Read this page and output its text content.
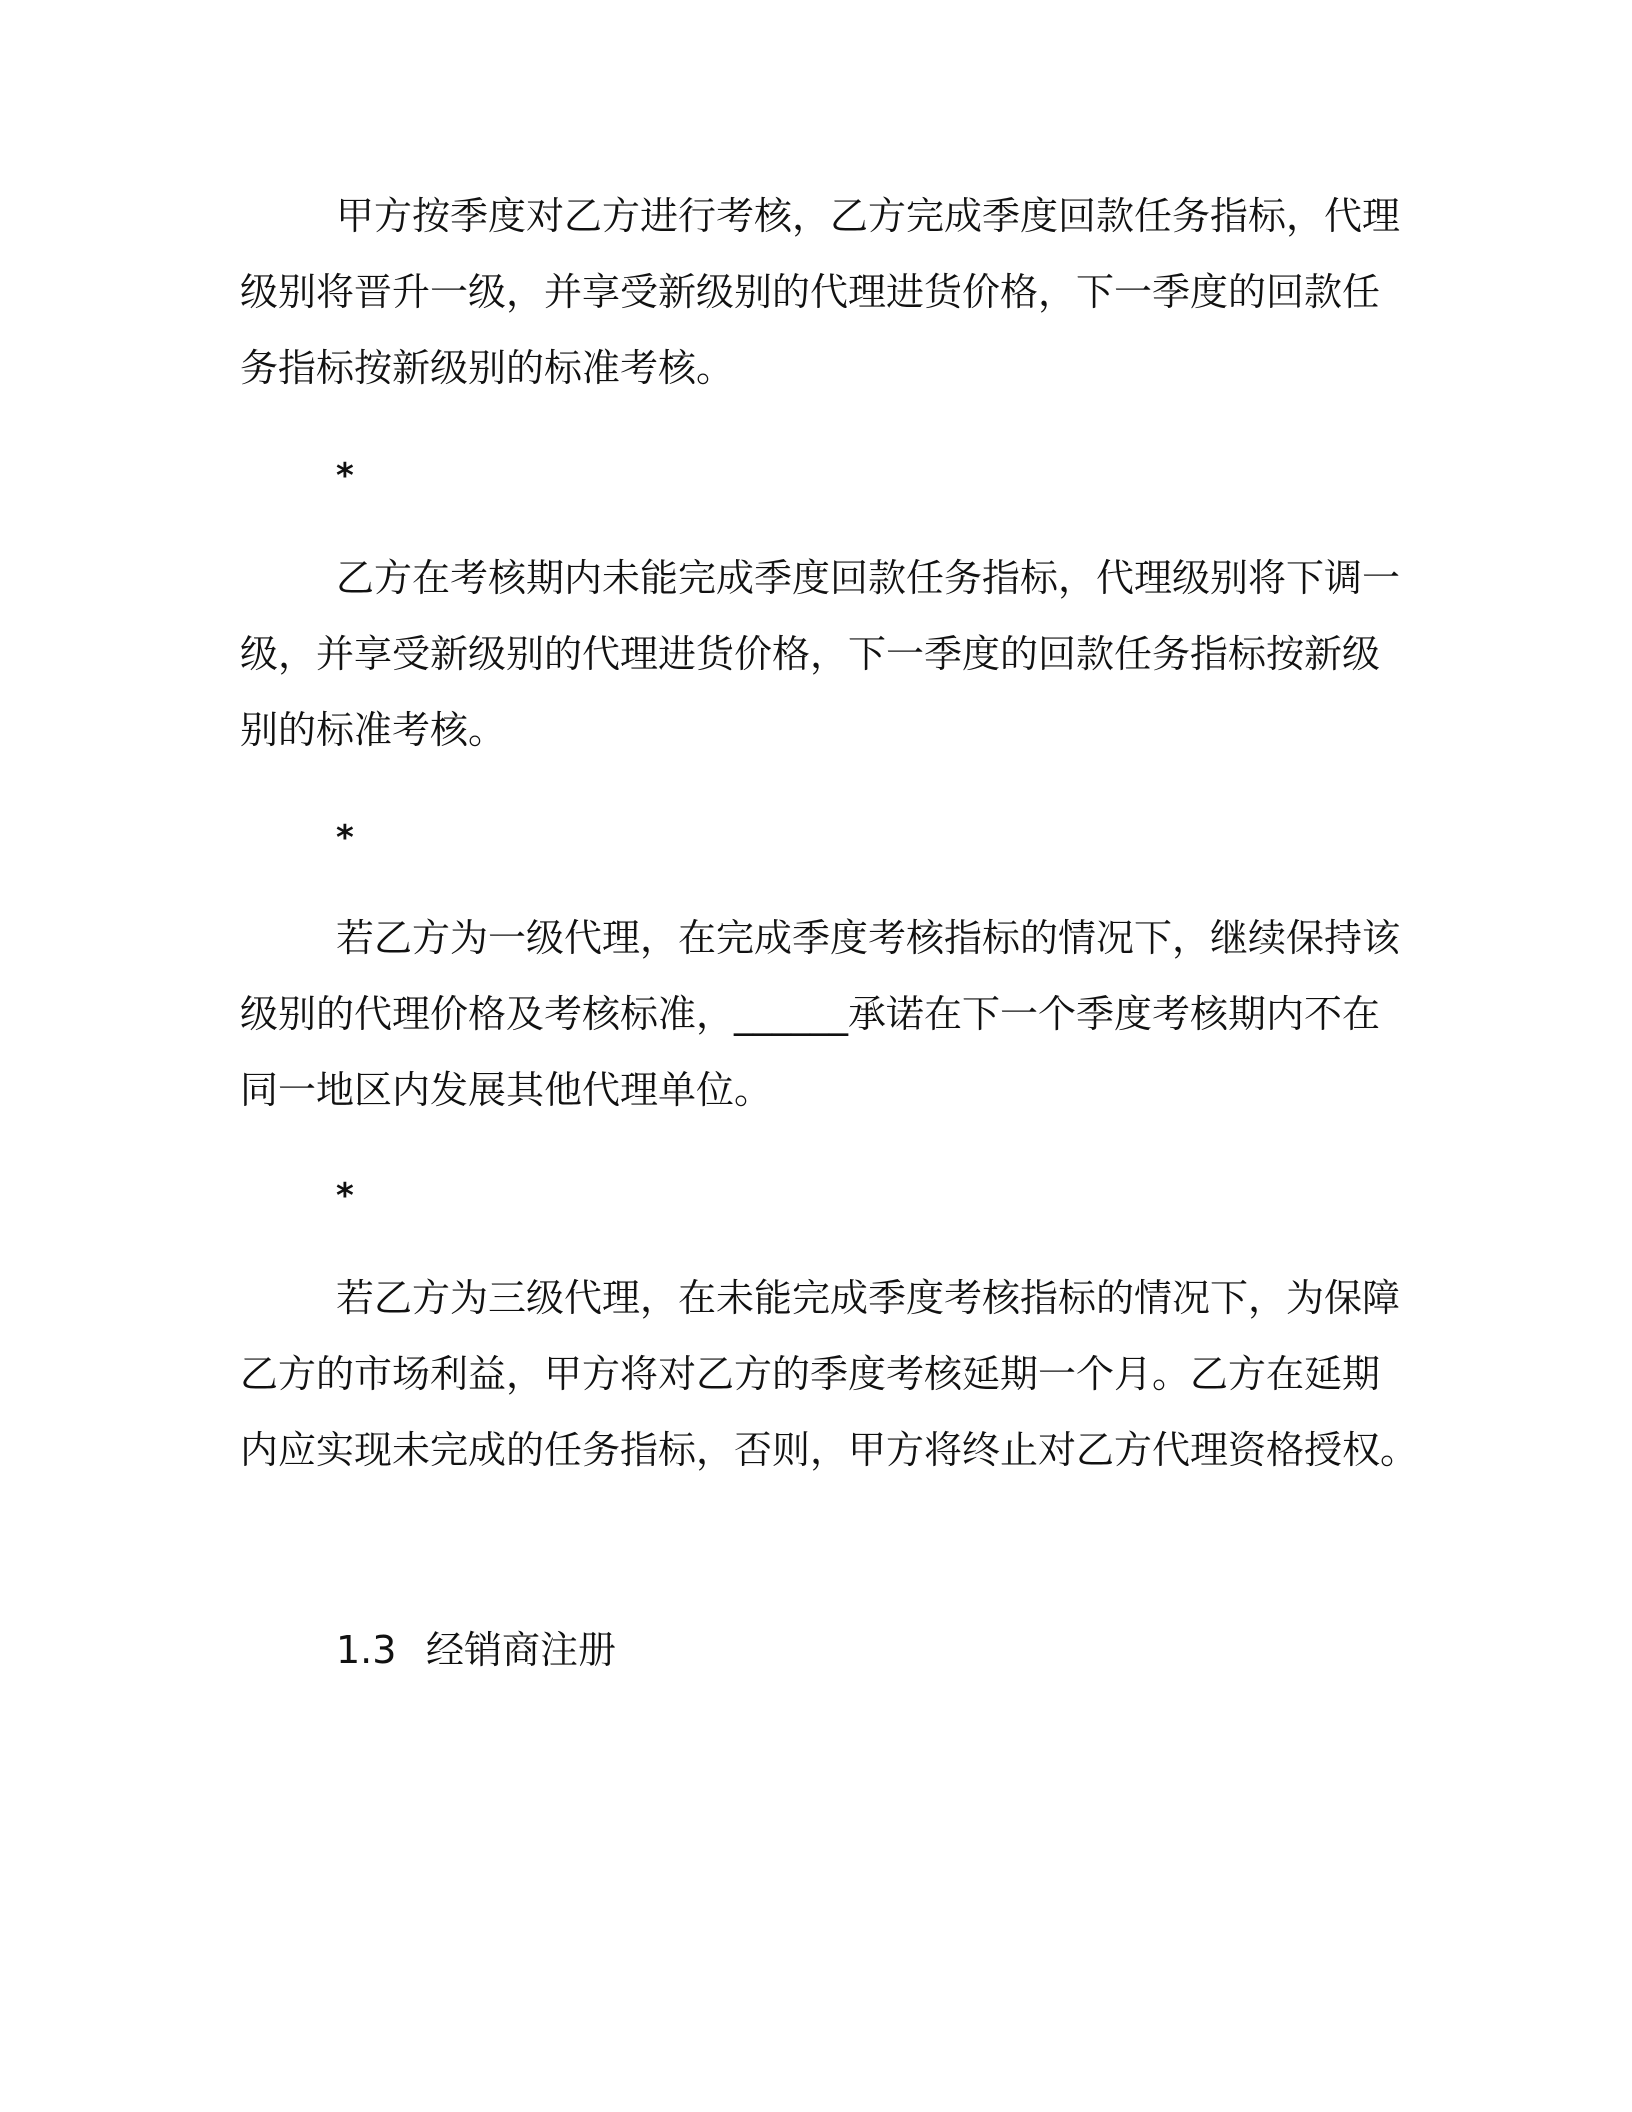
甲方按季度对乙方进行考核，乙方完成季度回款任务指标，代理
级别将晋升一级，并享受新级别的代理进货价格，下一季度的回款任
务指标按新级别的标准考核。
*
乙方在考核期内未能完成季度回款任务指标，代理级别将下调一
级，并享受新级别的代理进货价格，下一季度的回款任务指标按新级
别的标准考核。
*
若乙方为一级代理，在完成季度考核指标的情况下，继续保持该
级别的代理价格及考核标准，______承诺在下一个季度考核期内不在
同一地区内发展其他代理单位。
*
若乙方为三级代理，在未能完成季度考核指标的情况下，为保障
乙方的市场利益，甲方将对乙方的季度考核延期一个月。乙方在延期
内应实现未完成的任务指标，否则，甲方将终止对乙方代理资格授权。
1.3 经销商注册
